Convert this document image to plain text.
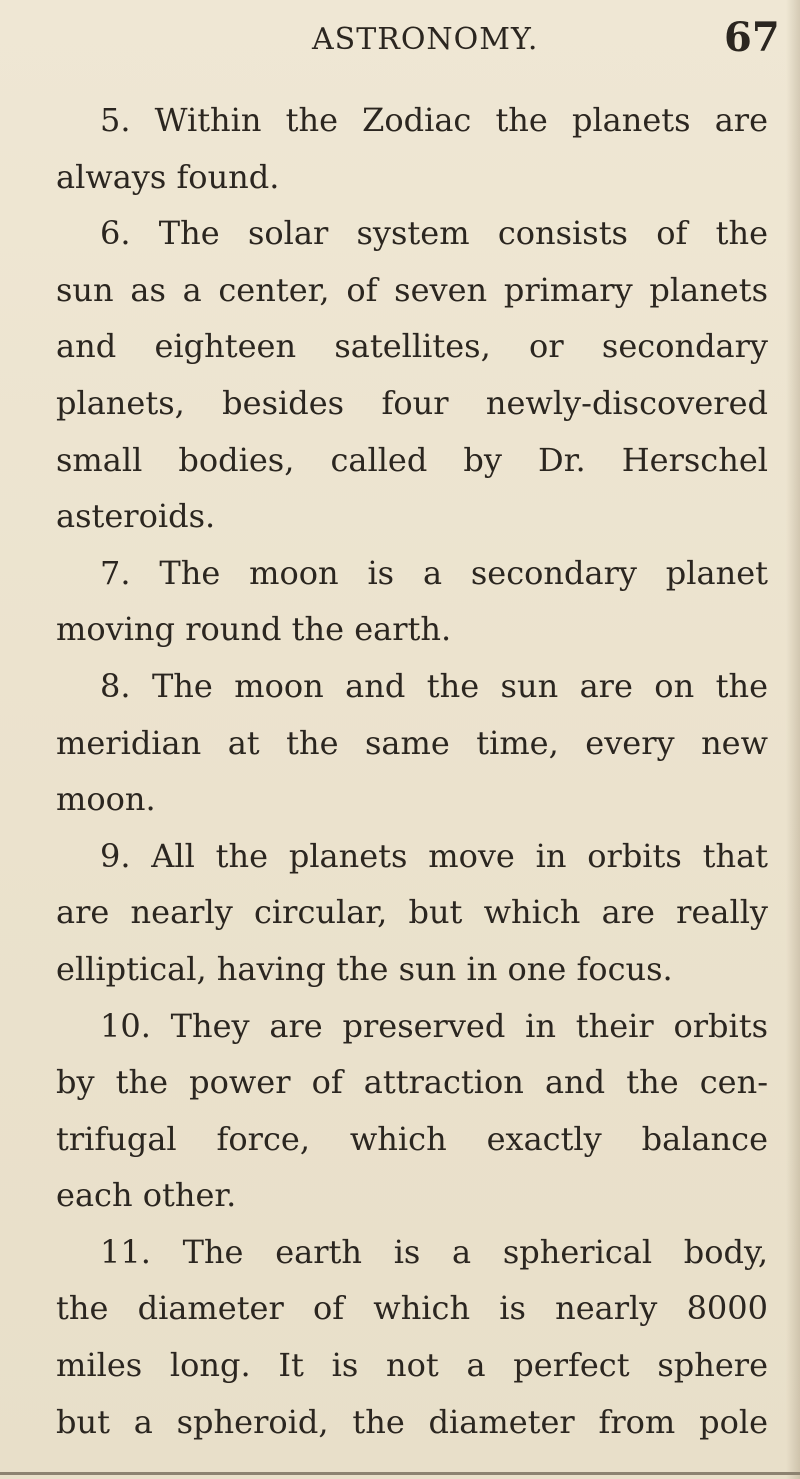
ASTRONOMY.	67
5. Within the Zodiac the planets are
always found.
6. The solar system consists of the
sun as a center, of seven primary planets
and eighteen satellites, or secondary
planets, besides four newly-discovered
small bodies, called by Dr. Herschel
asteroids.
7. The moon is a secondary planet
moving round the earth.
8. The moon and the sun are on the
meridian at the same time, every new
moon.
9. All the planets move in orbits that
are nearly circular, but which are really
elliptical, having the sun in one focus.
10. They are preserved in their orbits
by the power of attraction and the cen-
trifugal force, which exactly balance
each other.
11. The earth is a spherical body,
the diameter of which is nearly 8000
miles long. It is not a perfect sphere
but a spheroid, the diameter from pole
